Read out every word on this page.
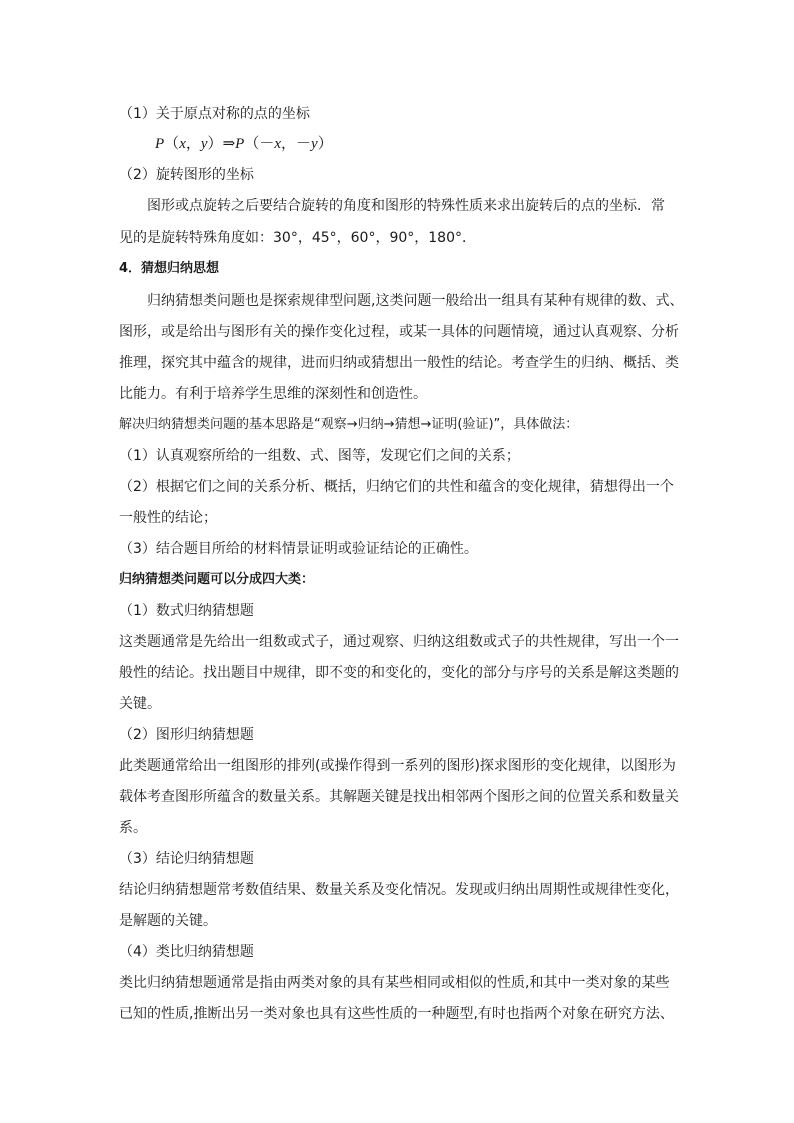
（1）关于原点对称的点的坐标
P（x，y）⇒P（－x，－y）
（2）旋转图形的坐标
图形或点旋转之后要结合旋转的角度和图形的特殊性质来求出旋转后的点的坐标．常
见的是旋转特殊角度如：30°，45°，60°，90°，180°．
4．猜想归纳思想
归纳猜想类问题也是探索规律型问题,这类问题一般给出一组具有某种有规律的数、式、
图形，或是给出与图形有关的操作变化过程，或某一具体的问题情境，通过认真观察、分析
推理，探究其中蕴含的规律，进而归纳或猜想出一般性的结论。考查学生的归纳、概括、类
比能力。有利于培养学生思维的深刻性和创造性。
解决归纳猜想类问题的基本思路是“观察→归纳→猜想→证明(验证)”，具体做法：
（1）认真观察所给的一组数、式、图等，发现它们之间的关系；
（2）根据它们之间的关系分析、概括，归纳它们的共性和蕴含的变化规律，猜想得出一个
一般性的结论；
（3）结合题目所给的材料情景证明或验证结论的正确性。
归纳猜想类问题可以分成四大类：
（1）数式归纳猜想题
这类题通常是先给出一组数或式子，通过观察、归纳这组数或式子的共性规律，写出一个一
般性的结论。找出题目中规律，即不变的和变化的，变化的部分与序号的关系是解这类题的
关键。
（2）图形归纳猜想题
此类题通常给出一组图形的排列(或操作得到一系列的图形)探求图形的变化规律，以图形为
载体考查图形所蕴含的数量关系。其解题关键是找出相邻两个图形之间的位置关系和数量关
系。
（3）结论归纳猜想题
结论归纳猜想题常考数值结果、数量关系及变化情况。发现或归纳出周期性或规律性变化，
是解题的关键。
（4）类比归纳猜想题
类比归纳猜想题通常是指由两类对象的具有某些相同或相似的性质,和其中一类对象的某些
已知的性质,推断出另一类对象也具有这些性质的一种题型,有时也指两个对象在研究方法、
